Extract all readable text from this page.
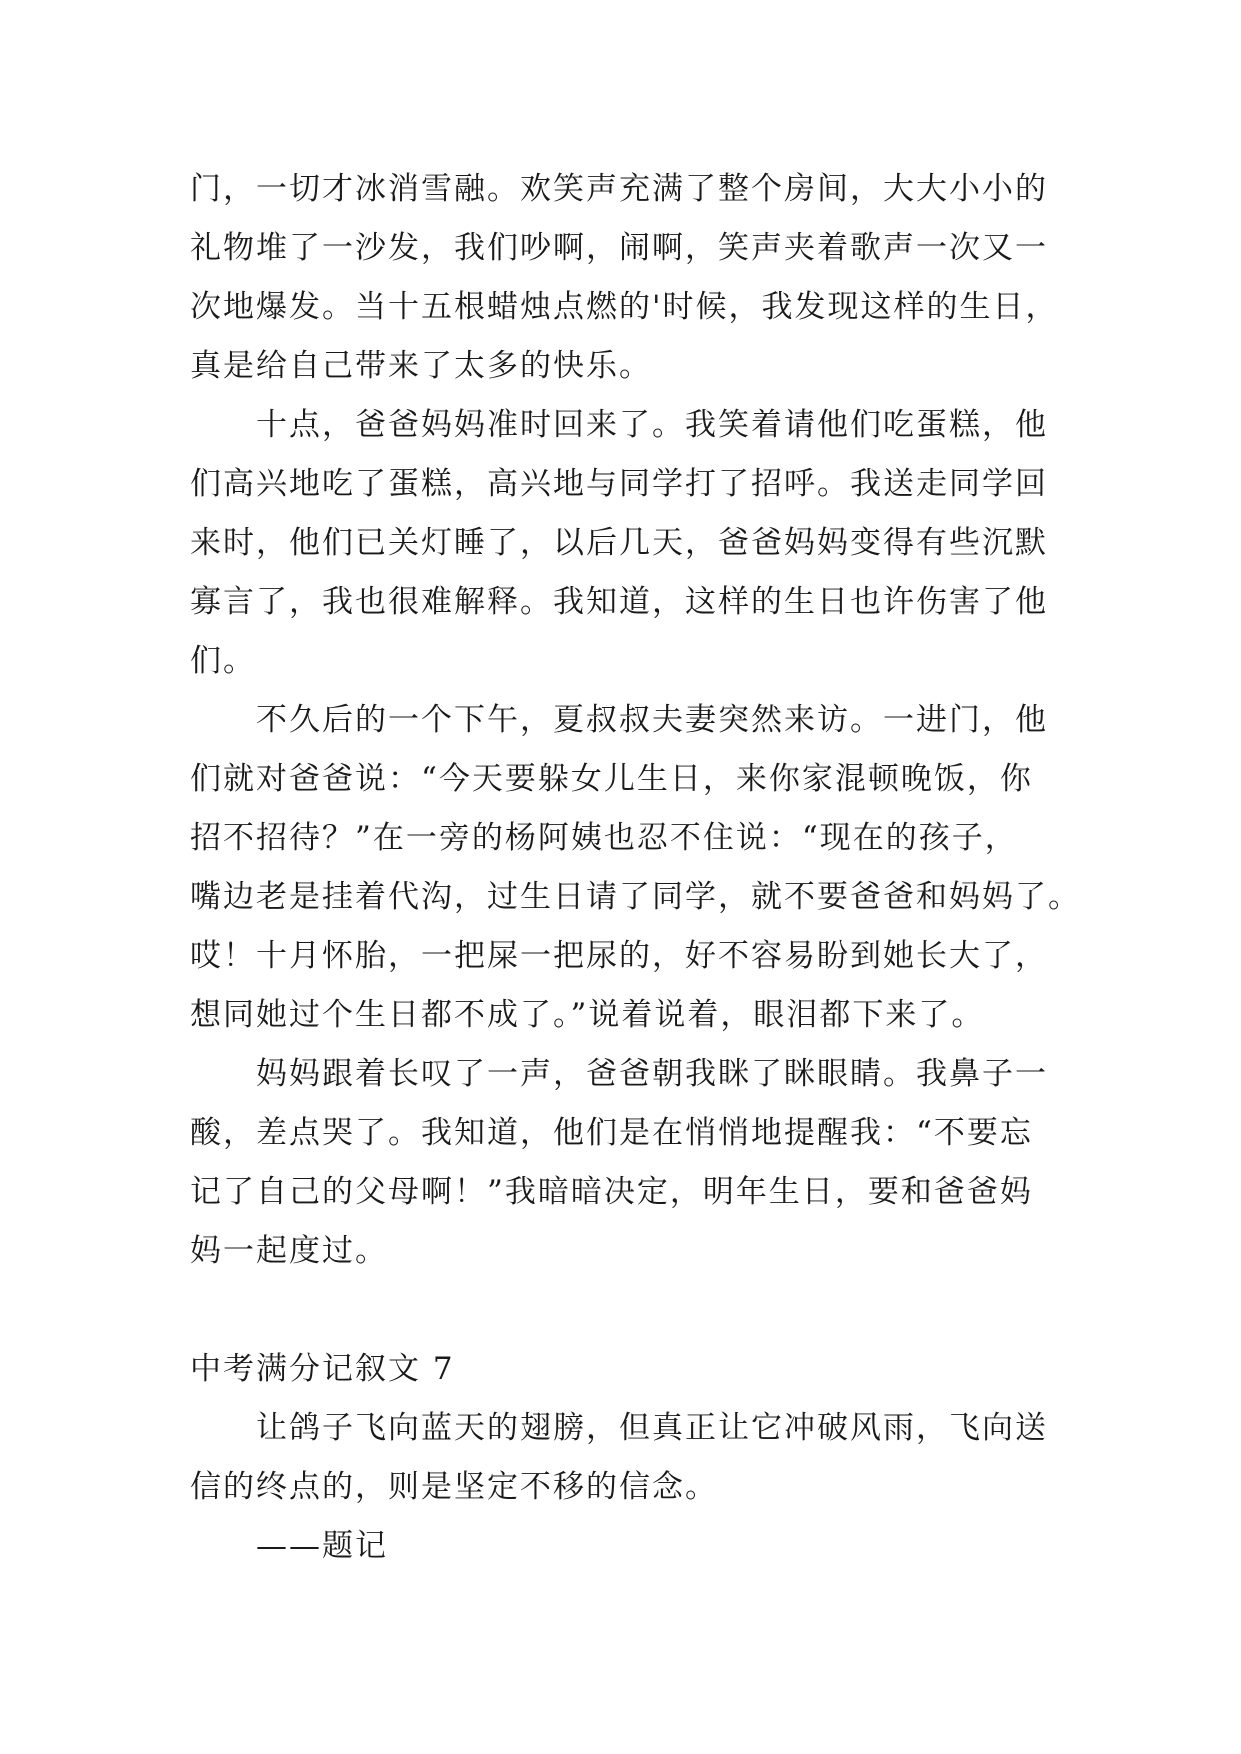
门，一切才冰消雪融。欢笑声充满了整个房间，大大小小的
礼物堆了一沙发，我们吵啊，闹啊，笑声夹着歌声一次又一
次地爆发。当十五根蜡烛点燃的'时候，我发现这样的生日，
真是给自己带来了太多的快乐。
十点，爸爸妈妈准时回来了。我笑着请他们吃蛋糕，他
们高兴地吃了蛋糕，高兴地与同学打了招呼。我送走同学回
来时，他们已关灯睡了，以后几天，爸爸妈妈变得有些沉默
寡言了，我也很难解释。我知道，这样的生日也许伤害了他
们。
不久后的一个下午，夏叔叔夫妻突然来访。一进门，他
们就对爸爸说：“今天要躲女儿生日，来你家混顿晚饭，你
招不招待？”在一旁的杨阿姨也忍不住说：“现在的孩子，
嘴边老是挂着代沟，过生日请了同学，就不要爸爸和妈妈了。
哎！十月怀胎，一把屎一把尿的，好不容易盼到她长大了，
想同她过个生日都不成了。”说着说着，眼泪都下来了。
妈妈跟着长叹了一声，爸爸朝我眯了眯眼睛。我鼻子一
酸，差点哭了。我知道，他们是在悄悄地提醒我：“不要忘
记了自己的父母啊！”我暗暗决定，明年生日，要和爸爸妈
妈一起度过。
中考满分记叙文 7
让鸽子飞向蓝天的翅膀，但真正让它冲破风雨，飞向送
信的终点的，则是坚定不移的信念。
——题记
